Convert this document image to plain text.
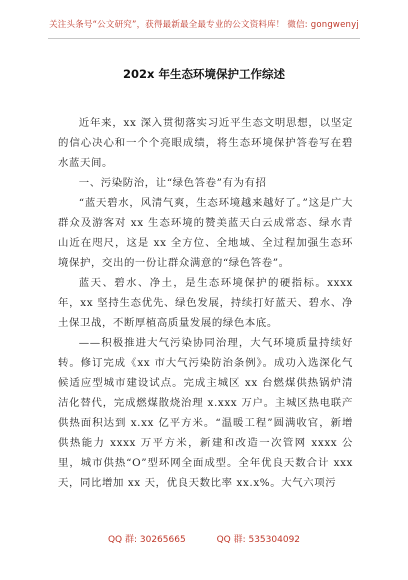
关注头条号“公文研究”，获得最新最全最专业的公文资料库！ 微信: gongwenyj
202x 年生态环境保护工作综述

近年来，xx 深入贯彻落实习近平生态文明思想，以坚定的信心决心和一个个亮眼成绩，将生态环境保护答卷写在碧水蓝天间。

一、污染防治，让“绿色答卷”有为有招

“蓝天碧水，风清气爽，生态环境越来越好了。”这是广大群众及游客对 xx 生态环境的赞美蓝天白云成常态、绿水青山近在咫尺，这是 xx 全方位、全地域、全过程加强生态环境保护，交出的一份让群众满意的“绿色答卷”。

蓝天、碧水、净土，是生态环境保护的硬指标。xxxx 年，xx 坚持生态优先、绿色发展，持续打好蓝天、碧水、净土保卫战，不断厚植高质量发展的绿色本底。

——积极推进大气污染协同治理，大气环境质量持续好转。修订完成《xx 市大气污染防治条例》。成功入选深化气候适应型城市建设试点。完成主城区 xx 台燃煤供热锅炉清洁化替代，完成燃煤散烧治理 x.xxx 万户。主城区热电联产供热面积达到 x.xx 亿平方米。“温暖工程”圆满收官，新增供热能力 xxxx 万平方米，新建和改造一次管网 xxxx 公里，城市供热“O”型环网全面成型。全年优良天数合计 xxx 天，同比增加 xx 天，优良天数比率 xx.x%。大气六项污

QQ 群: 30265665	QQ 群: 535304092
